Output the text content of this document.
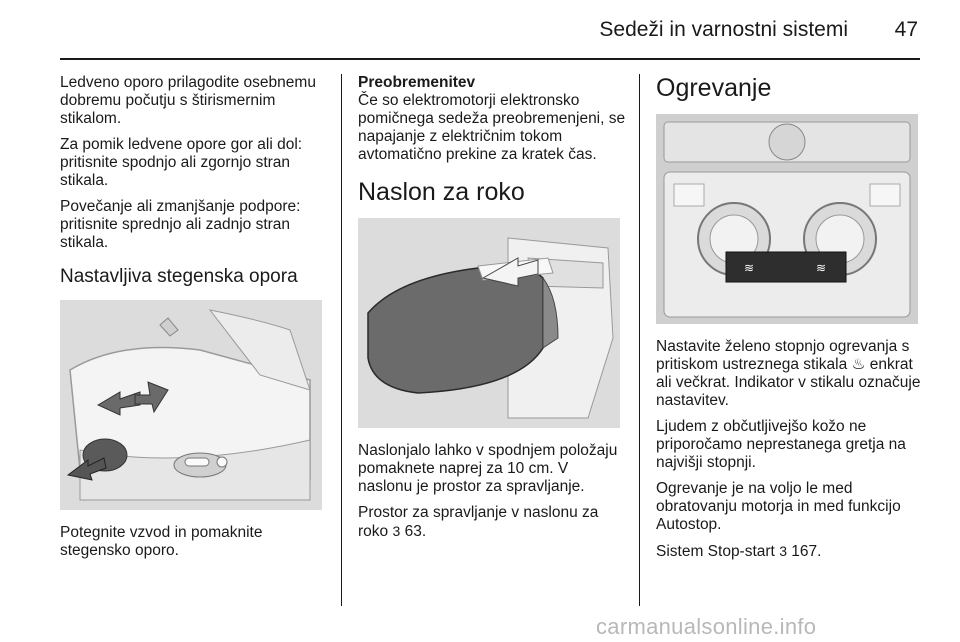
Sedeži in varnostni sistemi 47

Ledveno oporo prilagodite osebnemu dobremu počutju s štirismernim stikalom.

Za pomik ledvene opore gor ali dol: pritisnite spodnjo ali zgornjo stran stikala.

Povečanje ali zmanjšanje podpore: pritisnite sprednjo ali zadnjo stran stikala.

Nastavljiva stegenska opora

Potegnite vzvod in pomaknite stegensko oporo.

Preobremenitev

Če so elektromotorji elektronsko pomičnega sedeža preobremenjeni, se napajanje z električnim tokom avtomatično prekine za kratek čas.

Naslon za roko

Naslonjalo lahko v spodnjem položaju pomaknete naprej za 10 cm. V naslonu je prostor za spravljanje.

Prostor za spravljanje v naslonu za roko 3 63.

Ogrevanje
≋	≋

Nastavite želeno stopnjo ogrevanja s pritiskom ustreznega stikala ♨ enkrat ali večkrat. Indikator v stikalu označuje nastavitev.

Ljudem z občutljivejšo kožo ne priporočamo neprestanega gretja na najvišji stopnji.

Ogrevanje je na voljo le med obratovanju motorja in med funkcijo Autostop.

Sistem Stop-start 3 167.

carmanualsonline.info
